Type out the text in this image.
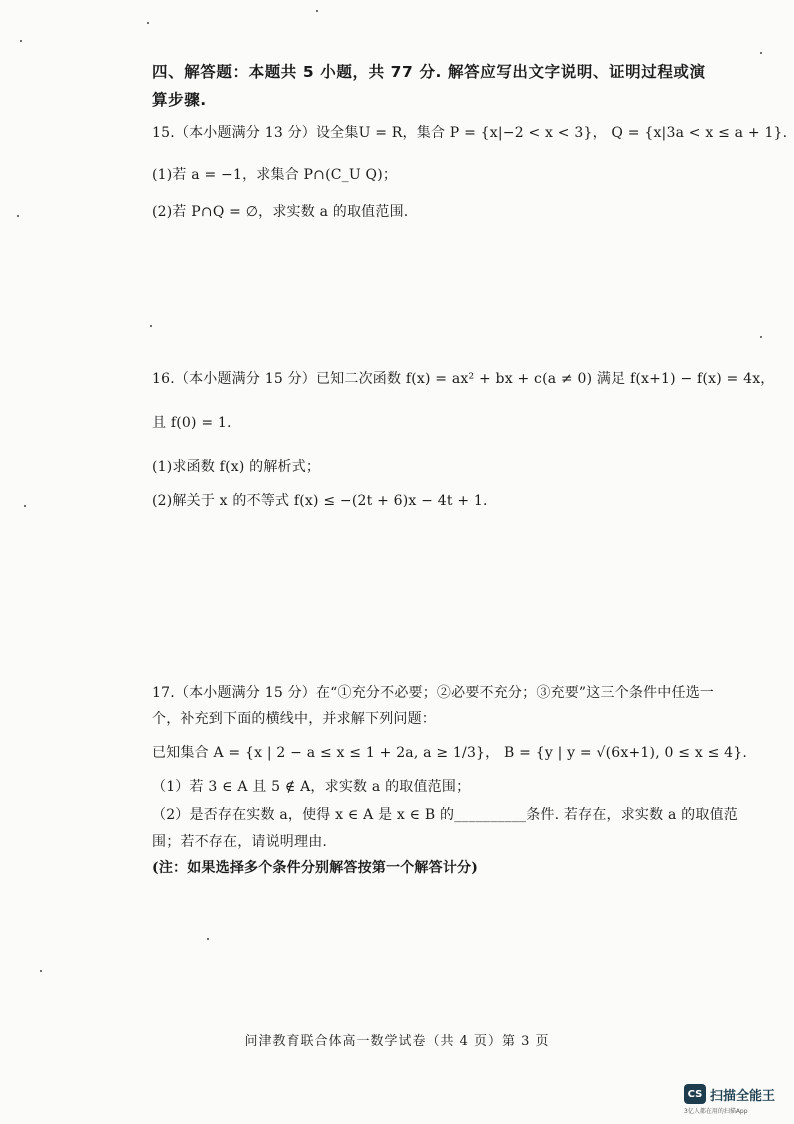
四、解答题：本题共 5 小题，共 77 分. 解答应写出文字说明、证明过程或演
算步骤.
15.（本小题满分 13 分）设全集U = R，集合 P = {x|−2 < x < 3}， Q = {x|3a < x ≤ a + 1}.
(1)若 a = −1，求集合 P∩(C_U Q)；
(2)若 P∩Q = ∅，求实数 a 的取值范围.
16.（本小题满分 15 分）已知二次函数 f(x) = ax² + bx + c(a ≠ 0) 满足 f(x+1) − f(x) = 4x，
且 f(0) = 1.
(1)求函数 f(x) 的解析式；
(2)解关于 x 的不等式 f(x) ≤ −(2t + 6)x − 4t + 1.
17.（本小题满分 15 分）在“①充分不必要；②必要不充分；③充要”这三个条件中任选一
个，补充到下面的横线中，并求解下列问题：
已知集合 A = {x | 2 − a ≤ x ≤ 1 + 2a, a ≥ 1/3}， B = {y | y = √(6x+1), 0 ≤ x ≤ 4}.
（1）若 3 ∈ A 且 5 ∉ A，求实数 a 的取值范围；
（2）是否存在实数 a，使得 x ∈ A 是 x ∈ B 的__________条件. 若存在，求实数 a 的取值范
围；若不存在，请说明理由.
(注：如果选择多个条件分别解答按第一个解答计分)
问津教育联合体高一数学试卷（共 4 页）第 3 页
CS 扫描全能王
3亿人都在用的扫描App
